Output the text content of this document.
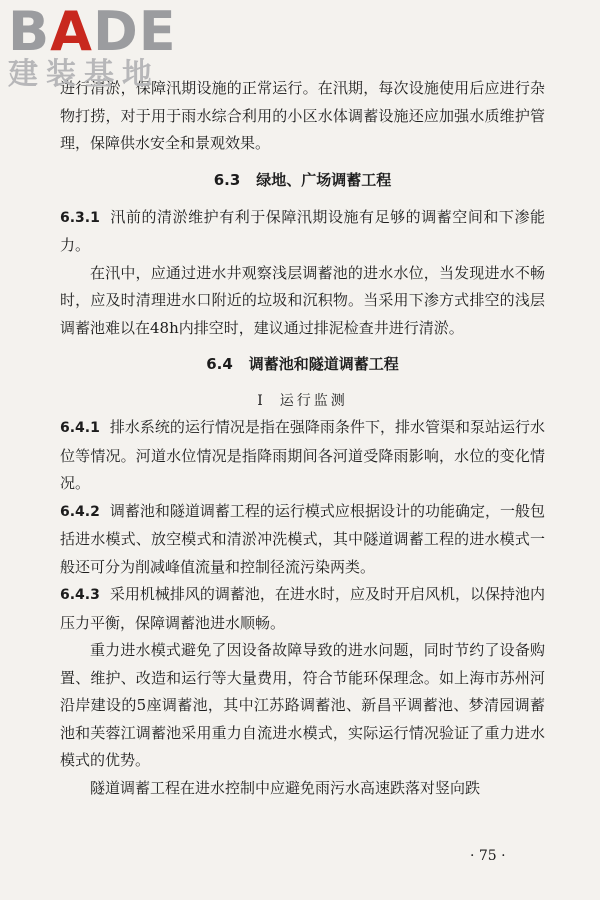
BADE
建装基地

进行清淤，保障汛期设施的正常运行。在汛期，每次设施使用后应进行杂物打捞，对于用于雨水综合利用的小区水体调蓄设施还应加强水质维护管理，保障供水安全和景观效果。

6.3 绿地、广场调蓄工程

6.3.1 汛前的清淤维护有利于保障汛期设施有足够的调蓄空间和下渗能力。

在汛中，应通过进水井观察浅层调蓄池的进水水位，当发现进水不畅时，应及时清理进水口附近的垃圾和沉积物。当采用下渗方式排空的浅层调蓄池难以在48h内排空时，建议通过排泥检查井进行清淤。

6.4 调蓄池和隧道调蓄工程
Ⅰ 运行监测

6.4.1 排水系统的运行情况是指在强降雨条件下，排水管渠和泵站运行水位等情况。河道水位情况是指降雨期间各河道受降雨影响，水位的变化情况。

6.4.2 调蓄池和隧道调蓄工程的运行模式应根据设计的功能确定，一般包括进水模式、放空模式和清淤冲洗模式，其中隧道调蓄工程的进水模式一般还可分为削减峰值流量和控制径流污染两类。

6.4.3 采用机械排风的调蓄池，在进水时，应及时开启风机，以保持池内压力平衡，保障调蓄池进水顺畅。

重力进水模式避免了因设备故障导致的进水问题，同时节约了设备购置、维护、改造和运行等大量费用，符合节能环保理念。如上海市苏州河沿岸建设的5座调蓄池，其中江苏路调蓄池、新昌平调蓄池、梦清园调蓄池和芙蓉江调蓄池采用重力自流进水模式，实际运行情况验证了重力进水模式的优势。

隧道调蓄工程在进水控制中应避免雨污水高速跌落对竖向跌

· 75 ·
